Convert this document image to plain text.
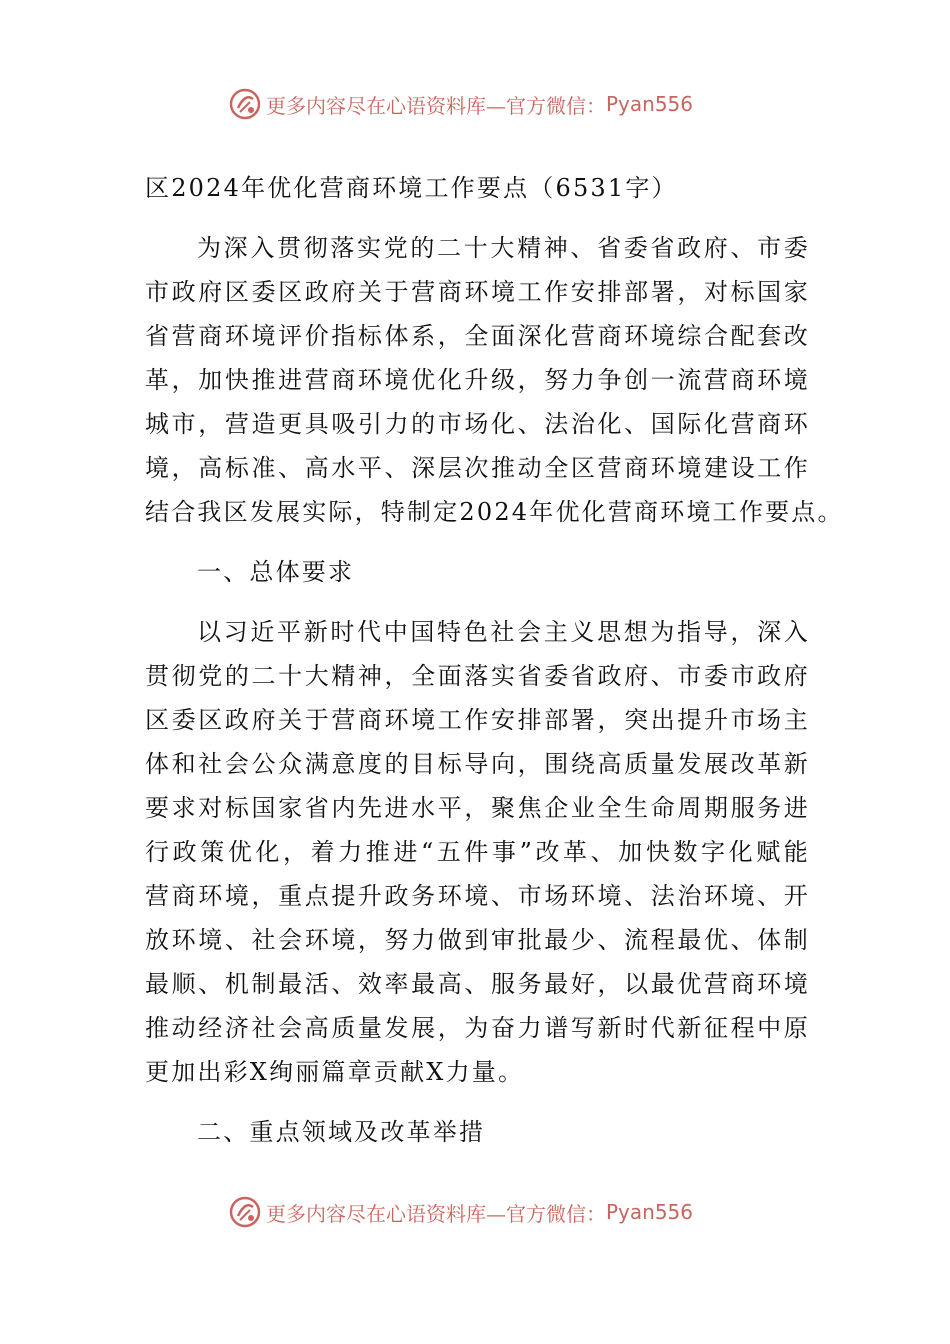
更多内容尽在心语资料库—官方微信： Pyan556
区2024年优化营商环境工作要点（6531字）
为深入贯彻落实党的二十大精神、省委省政府、市委
市政府区委区政府关于营商环境工作安排部署，对标国家
省营商环境评价指标体系，全面深化营商环境综合配套改
革，加快推进营商环境优化升级，努力争创一流营商环境
城市，营造更具吸引力的市场化、法治化、国际化营商环
境，高标准、高水平、深层次推动全区营商环境建设工作
结合我区发展实际，特制定2024年优化营商环境工作要点。
一、总体要求
以习近平新时代中国特色社会主义思想为指导，深入
贯彻党的二十大精神，全面落实省委省政府、市委市政府
区委区政府关于营商环境工作安排部署，突出提升市场主
体和社会公众满意度的目标导向，围绕高质量发展改革新
要求对标国家省内先进水平，聚焦企业全生命周期服务进
行政策优化，着力推进“五件事”改革、加快数字化赋能
营商环境，重点提升政务环境、市场环境、法治环境、开
放环境、社会环境，努力做到审批最少、流程最优、体制
最顺、机制最活、效率最高、服务最好，以最优营商环境
推动经济社会高质量发展，为奋力谱写新时代新征程中原
更加出彩X绚丽篇章贡献X力量。
二、重点领域及改革举措
更多内容尽在心语资料库—官方微信： Pyan556
